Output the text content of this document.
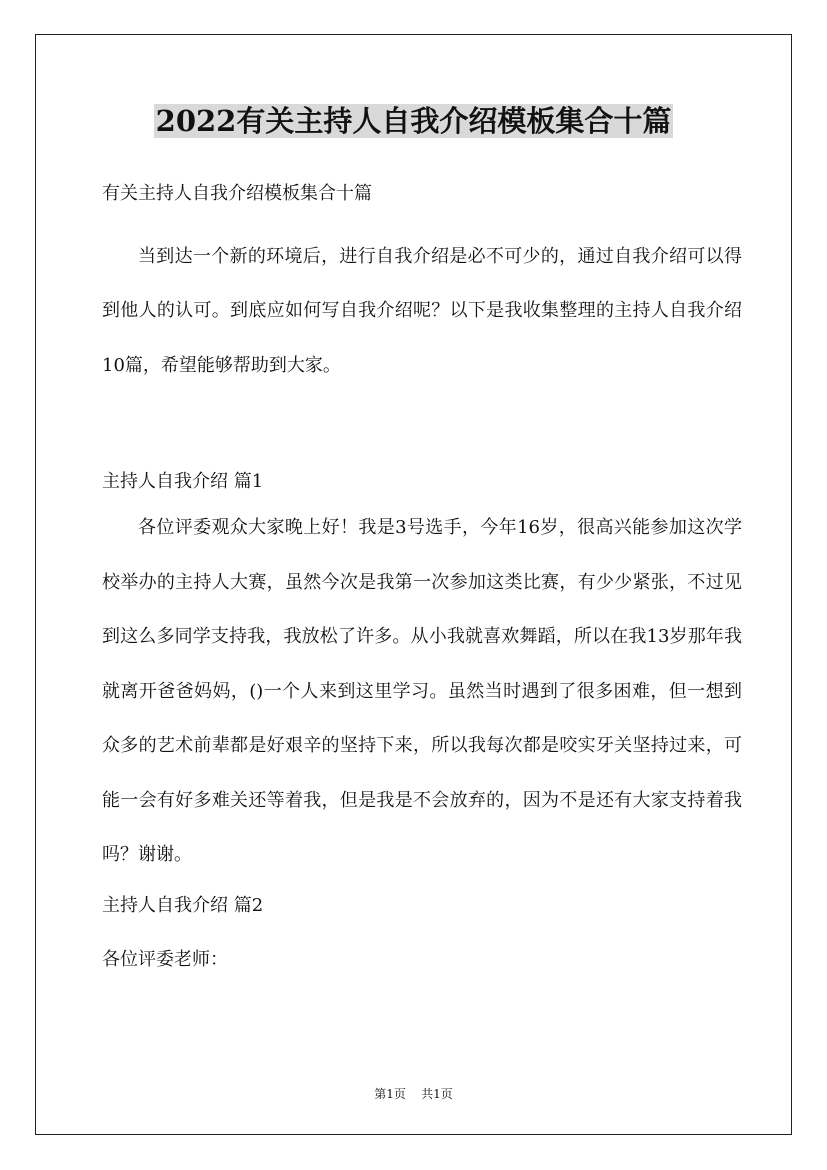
2022有关主持人自我介绍模板集合十篇

有关主持人自我介绍模板集合十篇

当到达一个新的环境后，进行自我介绍是必不可少的，通过自我介绍可以得到他人的认可。到底应如何写自我介绍呢？以下是我收集整理的主持人自我介绍10篇，希望能够帮助到大家。

主持人自我介绍 篇1

各位评委观众大家晚上好！我是3号选手，今年16岁，很高兴能参加这次学校举办的主持人大赛，虽然今次是我第一次参加这类比赛，有少少紧张，不过见到这么多同学支持我，我放松了许多。从小我就喜欢舞蹈，所以在我13岁那年我就离开爸爸妈妈，()一个人来到这里学习。虽然当时遇到了很多困难，但一想到众多的艺术前辈都是好艰辛的坚持下来，所以我每次都是咬实牙关坚持过来，可能一会有好多难关还等着我，但是我是不会放弃的，因为不是还有大家支持着我吗？谢谢。

主持人自我介绍 篇2

各位评委老师：

第1页 共1页
